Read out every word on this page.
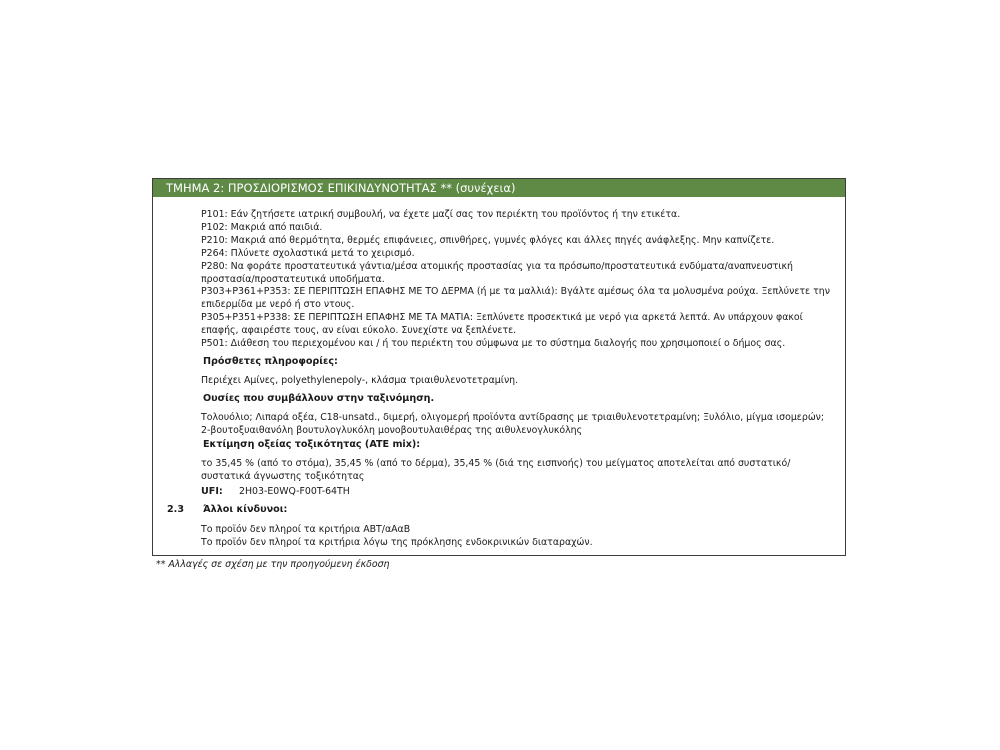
ΤΜΗΜΑ 2: ΠΡΟΣΔΙΟΡΙΣΜΟΣ ΕΠΙΚΙΝΔΥΝΟΤΗΤΑΣ ** (συνέχεια)
P101: Εάν ζητήσετε ιατρική συμβουλή, να έχετε μαζί σας τον περιέκτη του προϊόντος ή την ετικέτα.
P102: Μακριά από παιδιά.
P210: Μακριά από θερμότητα, θερμές επιφάνειες, σπινθήρες, γυμνές φλόγες και άλλες πηγές ανάφλεξης. Μην καπνίζετε.
P264: Πλύνετε σχολαστικά μετά το χειρισμό.
P280: Να φοράτε προστατευτικά γάντια/μέσα ατομικής προστασίας για τα πρόσωπο/προστατευτικά ενδύματα/αναπνευστική προστασία/προστατευτικά υποδήματα.
P303+P361+P353: ΣΕ ΠΕΡΙΠΤΩΣΗ ΕΠΑΦΗΣ ΜΕ ΤΟ ΔΕΡΜΑ (ή με τα μαλλιά): Βγάλτε αμέσως όλα τα μολυσμένα ρούχα. Ξεπλύνετε την επιδερμίδα με νερό ή στο ντους.
P305+P351+P338: ΣΕ ΠΕΡΙΠΤΩΣΗ ΕΠΑΦΗΣ ΜΕ ΤΑ ΜΑΤΙΑ: Ξεπλύνετε προσεκτικά με νερό για αρκετά λεπτά. Αν υπάρχουν φακοί επαφής, αφαιρέστε τους, αν είναι εύκολο. Συνεχίστε να ξεπλένετε.
P501: Διάθεση του περιεχομένου και / ή του περιέκτη του σύμφωνα με το σύστημα διαλογής που χρησιμοποιεί ο δήμος σας.
Πρόσθετες πληροφορίες:
Περιέχει Αμίνες, polyethylenepoly-, κλάσμα τριαιθυλενοτετραμίνη.
Ουσίες που συμβάλλουν στην ταξινόμηση.
Τολουόλιο; Λιπαρά οξέα, C18-unsatd., διμερή, ολιγομερή προϊόντα αντίδρασης με τριαιθυλενοτετραμίνη; Ξυλόλιο, μίγμα ισομερών; 2-βουτοξυαιθανόλη βουτυλογλυκόλη μονοβουτυλαιθέρας της αιθυλενογλυκόλης
Εκτίμηση οξείας τοξικότητας (ATE mix):
το 35,45 % (από το στόμα), 35,45 % (από το δέρμα), 35,45 % (διά της εισπνοής) του μείγματος αποτελείται από συστατικό/συστατικά άγνωστης τοξικότητας
UFI: 2H03-E0WQ-F00T-64TH
2.3 Άλλοι κίνδυνοι:
Το προϊόν δεν πληροί τα κριτήρια ΑΒΤ/αΑαΒ
Το προϊόν δεν πληροί τα κριτήρια λόγω της πρόκλησης ενδοκρινικών διαταραχών.
** Αλλαγές σε σχέση με την προηγούμενη έκδοση
